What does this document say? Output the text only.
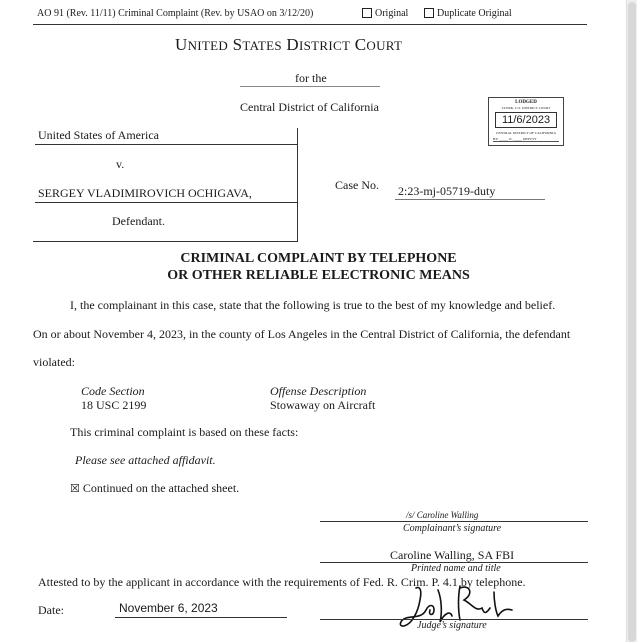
AO 91 (Rev. 11/11) Criminal Complaint (Rev. by USAO on 3/12/20)	Original	Duplicate Original
UNITED STATES DISTRICT COURT
for the
Central District of California	LODGED
CLERK, U.S. DISTRICT COURT
11/6/2023
CENTRAL DISTRICT OF CALIFORNIA
BY: _____ JL _____ DEPUTY
United States of America
v.
SERGEY VLADIMIROVICH OCHIGAVA,
Defendant.
Case No. 2:23-mj-05719-duty
CRIMINAL COMPLAINT BY TELEPHONE
OR OTHER RELIABLE ELECTRONIC MEANS
I, the complainant in this case, state that the following is true to the best of my knowledge and belief.
On or about November 4, 2023, in the county of Los Angeles in the Central District of California, the defendant
violated:
Code Section	Offense Description
18 USC 2199	Stowaway on Aircraft
This criminal complaint is based on these facts:
Please see attached affidavit.
☒ Continued on the attached sheet.
/s/ Caroline Walling
Complainant’s signature
Caroline Walling, SA FBI
Printed name and title
Attested to by the applicant in accordance with the requirements of Fed. R. Crim. P. 4.1 by telephone.
Date:	November 6, 2023
Judge’s signature
